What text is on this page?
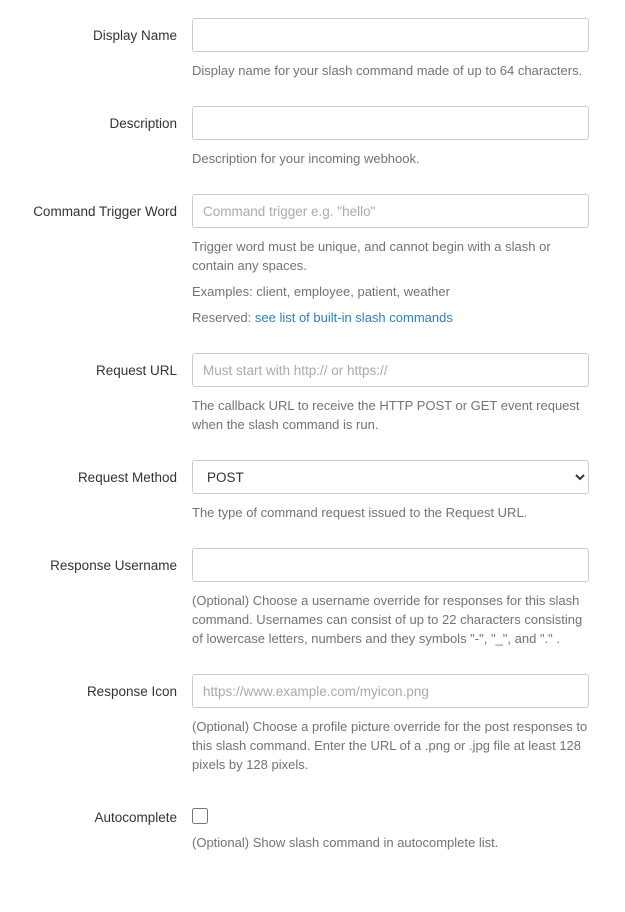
Display Name

Display name for your slash command made of up to 64 characters.

Description

Description for your incoming webhook.

Command Trigger Word
Command trigger e.g. "hello"

Trigger word must be unique, and cannot begin with a slash or contain any spaces.

Examples: client, employee, patient, weather

Reserved: see list of built-in slash commands

Request URL
Must start with http:// or https://

The callback URL to receive the HTTP POST or GET event request when the slash command is run.

Request Method
POST

The type of command request issued to the Request URL.

Response Username

(Optional) Choose a username override for responses for this slash command. Usernames can consist of up to 22 characters consisting of lowercase letters, numbers and they symbols "-", "_", and "." .

Response Icon
https://www.example.com/myicon.png

(Optional) Choose a profile picture override for the post responses to this slash command. Enter the URL of a .png or .jpg file at least 128 pixels by 128 pixels.

Autocomplete

(Optional) Show slash command in autocomplete list.
